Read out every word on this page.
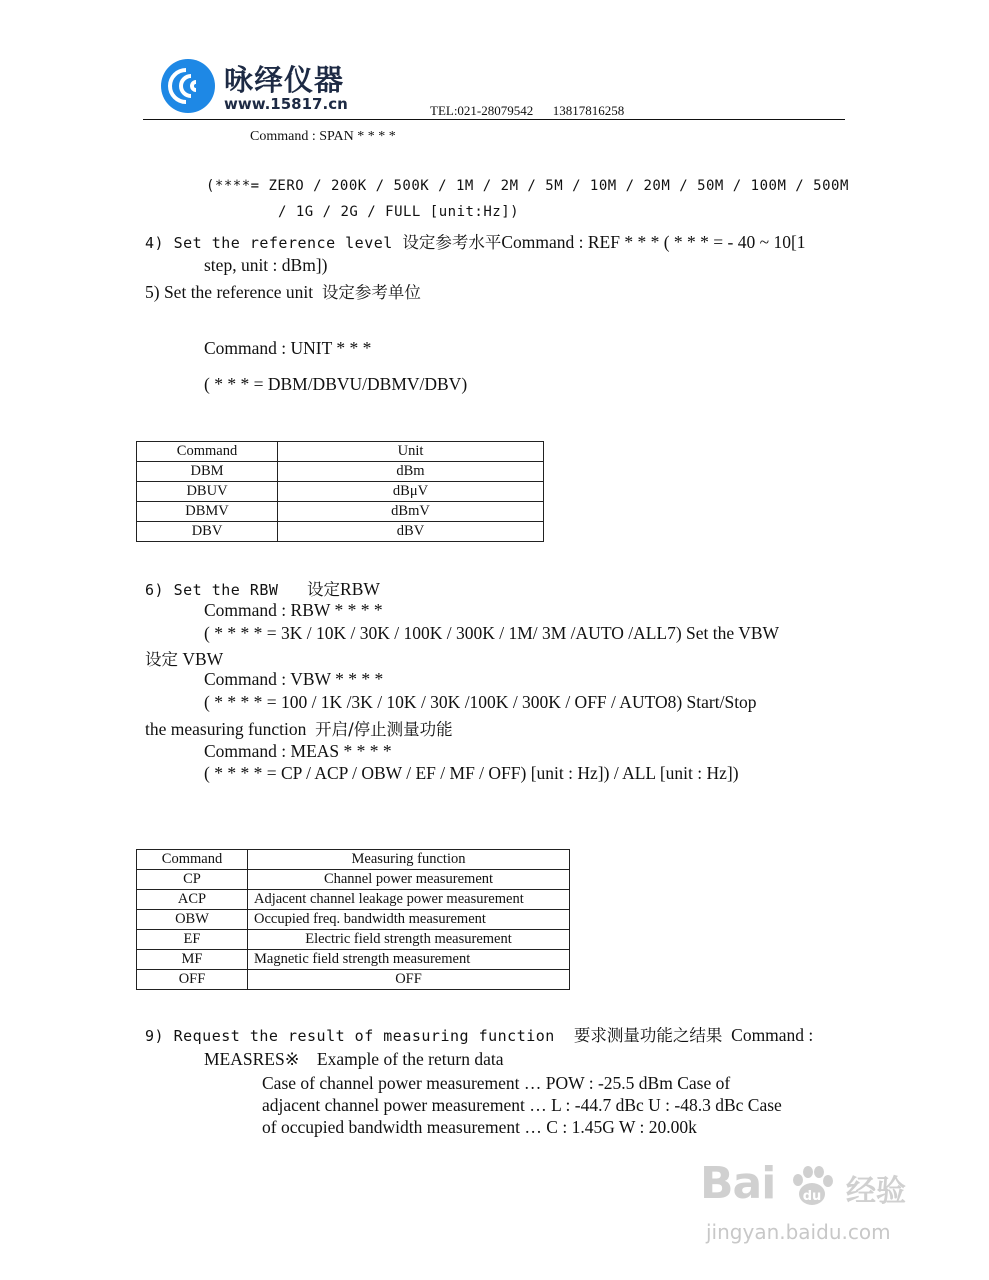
咏绎仪器
www.15817.cn	TEL:021-28079542      13817816258
Command : SPAN * * * *
(****= ZERO / 200K / 500K / 1M / 2M / 5M / 10M / 20M / 50M / 100M / 500M
/ 1G / 2G / FULL [unit:Hz])
4) Set the reference level 设定参考水平Command : REF * * * ( * * * = - 40 ~ 10[1
step, unit : dBm])
5) Set the reference unit  设定参考单位
Command : UNIT * * *
( * * * = DBM/DBVU/DBMV/DBV)
Command	Unit
DBM	dBm
DBUV	dBμV
DBMV	dBmV
DBV	dBV
6) Set the RBW   设定RBW
Command : RBW * * * *
( * * * * = 3K / 10K / 30K / 100K / 300K / 1M/ 3M /AUTO /ALL7) Set the VBW
设定 VBW
Command : VBW * * * *
( * * * * = 100 / 1K /3K / 10K / 30K /100K / 300K / OFF / AUTO8) Start/Stop
the measuring function  开启/停止测量功能
Command : MEAS * * * *
( * * * * = CP / ACP / OBW / EF / MF / OFF) [unit : Hz]) / ALL [unit : Hz])
Command	Measuring function
CP	Channel power measurement
ACP	Adjacent channel leakage power measurement
OBW	Occupied freq. bandwidth measurement
EF	Electric field strength measurement
MF	Magnetic field strength measurement
OFF	OFF
9) Request the result of measuring function  要求测量功能之结果  Command :
MEASRES※    Example of the return data
Case of channel power measurement … POW : -25.5 dBm Case of
adjacent channel power measurement … L : -44.7 dBc U : -48.3 dBc Case
of occupied bandwidth measurement … C : 1.45G W : 20.00k
Bai du 经验
jingyan.baidu.com
